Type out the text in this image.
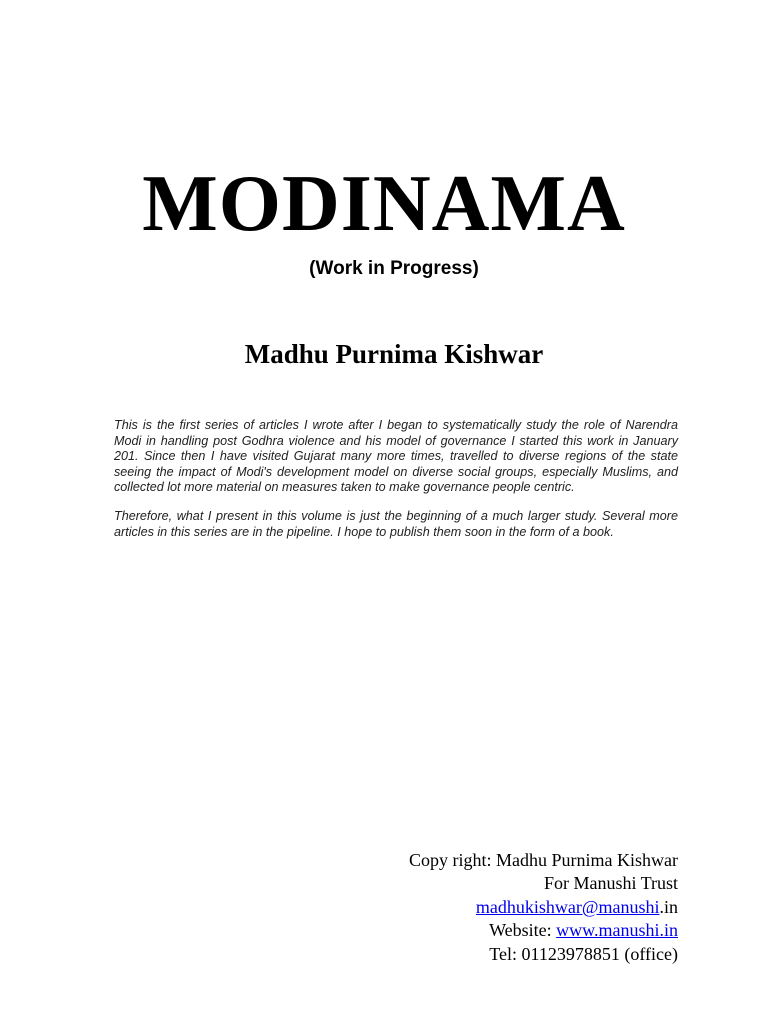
MODINAMA
(Work in Progress)
Madhu Purnima Kishwar

This is the first series of articles I wrote after I began to systematically study the role of Narendra Modi in handling post Godhra violence and his model of governance I started this work in January 201. Since then I have visited Gujarat many more times, travelled to diverse regions of the state seeing the impact of Modi's development model on diverse social groups, especially Muslims, and collected lot more material on measures taken to make governance people centric.

Therefore, what I present in this volume is just the beginning of a much larger study. Several more articles in this series are in the pipeline. I hope to publish them soon in the form of a book.

Copy right: Madhu Purnima Kishwar
For Manushi Trust
madhukishwar@manushi.in
Website: www.manushi.in
Tel: 01123978851 (office)
